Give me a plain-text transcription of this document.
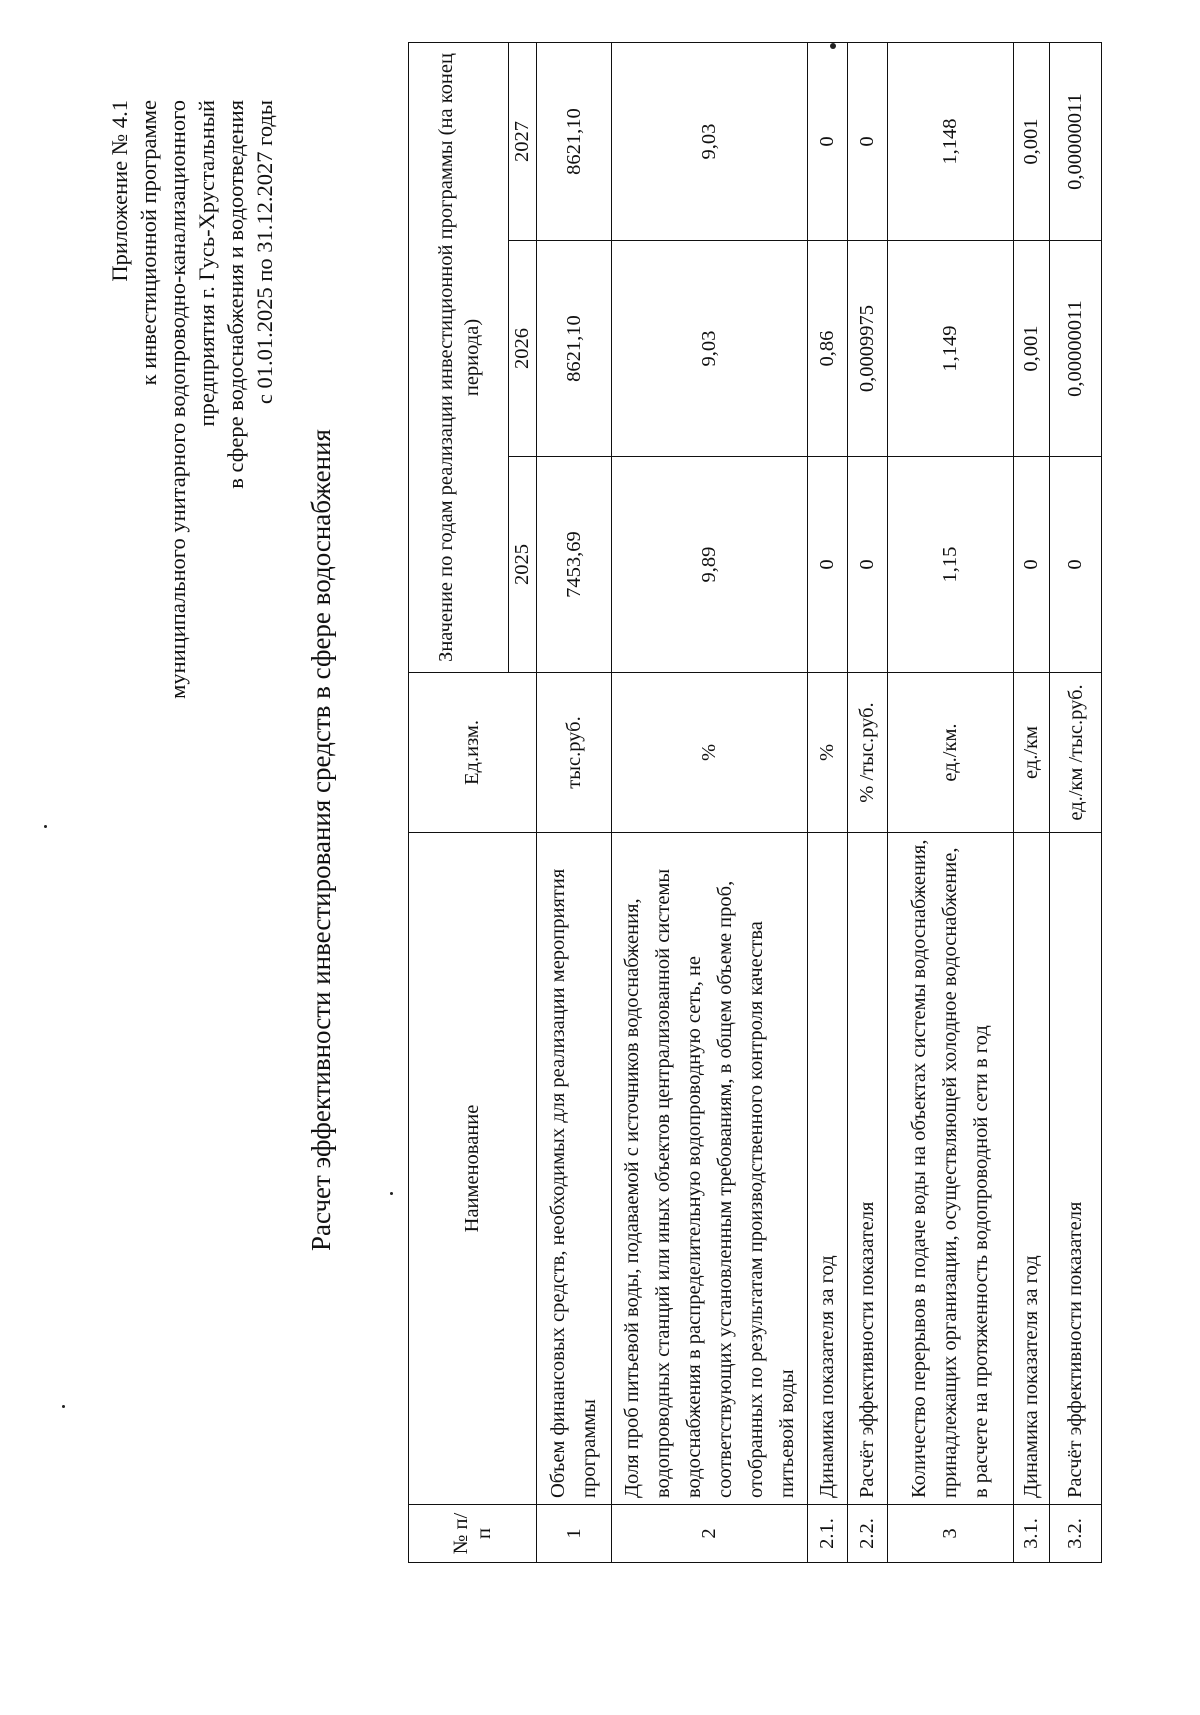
Приложение № 4.1 к инвестиционной программе муниципального унитарного водопроводно-канализационного предприятия г. Гусь-Хрустальный в сфере водоснабжения и водоотведения с 01.01.2025 по 31.12.2027 годы
Расчет эффективности инвестирования средств в сфере водоснабжения
№ п/п	Наименование	Ед.изм.	Значение по годам реализации инвестиционной программы (на конец периода)		
			2025	2026	2027
1	Объем финансовых средств, необходимых для реализации мероприятия программы	тыс.руб.	7453,69	8621,10	8621,10
2	Доля проб питьевой воды, подаваемой с источников водоснабжения, водопроводных станций или иных объектов централизованной системы водоснабжения в распределительную водопроводную сеть, не соответствующих установленным требованиям, в общем объеме проб, отобранных по результатам производственного контроля качества питьевой воды	%	9,89	9,03	9,03
2.1.	Динамика показателя за год	%	0	0,86	0
2.2.	Расчёт эффективности показателя	% /тыс.руб.	0	0,0009975	0
3	Количество перерывов в подаче воды на объектах системы водоснабжения, принадлежащих организации, осуществляющей холодное водоснабжение, в расчете на протяженность водопроводной сети в год	ед./км.	1,15	1,149	1,148
3.1.	Динамика показателя за год	ед./км	0	0,001	0,001
3.2.	Расчёт эффективности показателя	ед./км /тыс.руб.	0	0,00000011	0,00000011
